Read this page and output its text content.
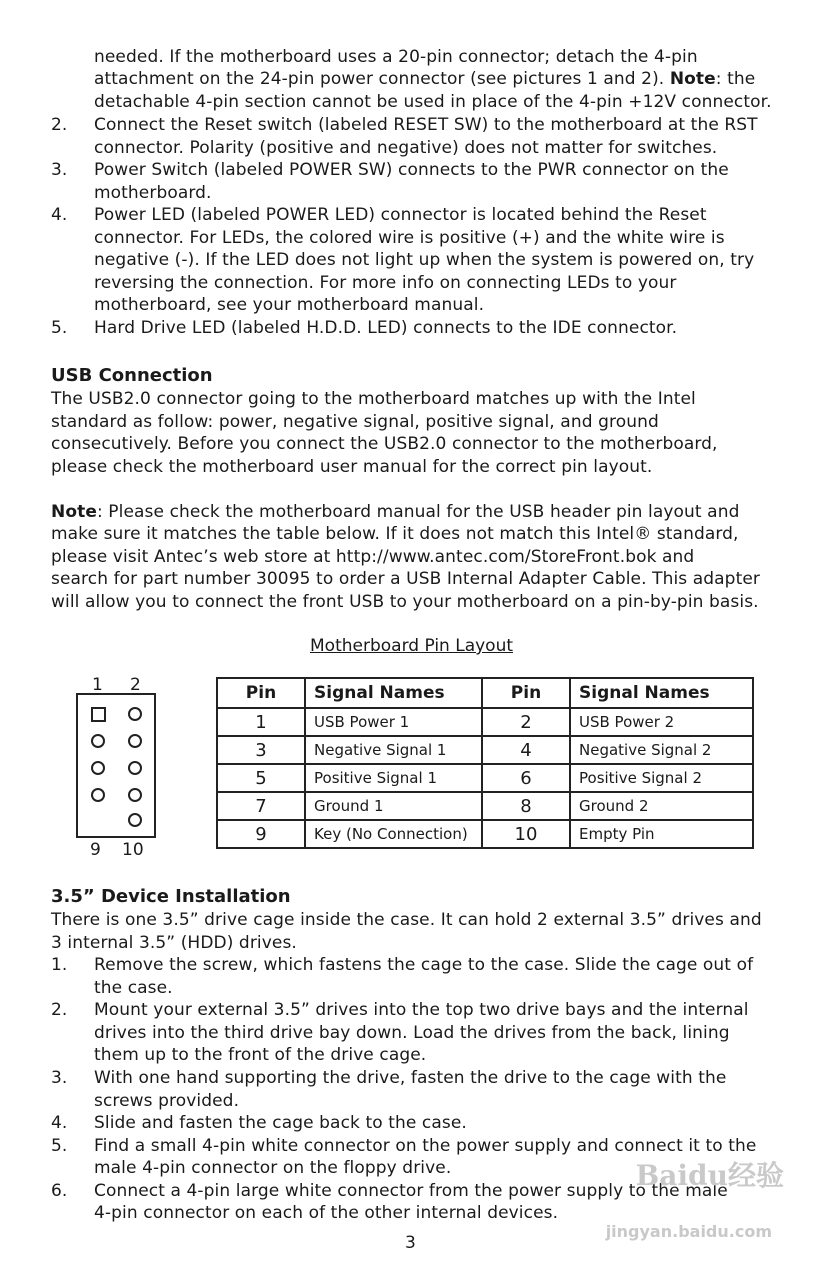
needed. If the motherboard uses a 20-pin connector; detach the 4-pin
attachment on the 24-pin power connector (see pictures 1 and 2). Note: the
detachable 4-pin section cannot be used in place of the 4-pin +12V connector.
2. Connect the Reset switch (labeled RESET SW) to the motherboard at the RST
connector. Polarity (positive and negative) does not matter for switches.
3. Power Switch (labeled POWER SW) connects to the PWR connector on the
motherboard.
4. Power LED (labeled POWER LED) connector is located behind the Reset
connector. For LEDs, the colored wire is positive (+) and the white wire is
negative (-). If the LED does not light up when the system is powered on, try
reversing the connection. For more info on connecting LEDs to your
motherboard, see your motherboard manual.
5. Hard Drive LED (labeled H.D.D. LED) connects to the IDE connector.
USB Connection
The USB2.0 connector going to the motherboard matches up with the Intel
standard as follow: power, negative signal, positive signal, and ground
consecutively. Before you connect the USB2.0 connector to the motherboard,
please check the motherboard user manual for the correct pin layout.
Note: Please check the motherboard manual for the USB header pin layout and
make sure it matches the table below. If it does not match this Intel® standard,
please visit Antec’s web store at http://www.antec.com/StoreFront.bok and
search for part number 30095 to order a USB Internal Adapter Cable. This adapter
will allow you to connect the front USB to your motherboard on a pin-by-pin basis.
Motherboard Pin Layout
1 2
9 10
Pin	Signal Names	Pin	Signal Names
1	USB Power 1	2	USB Power 2
3	Negative Signal 1	4	Negative Signal 2
5	Positive Signal 1	6	Positive Signal 2
7	Ground 1	8	Ground 2
9	Key (No Connection)	10	Empty Pin
3.5” Device Installation
There is one 3.5” drive cage inside the case. It can hold 2 external 3.5” drives and
3 internal 3.5” (HDD) drives.
1. Remove the screw, which fastens the cage to the case. Slide the cage out of
the case.
2. Mount your external 3.5” drives into the top two drive bays and the internal
drives into the third drive bay down. Load the drives from the back, lining
them up to the front of the drive cage.
3. With one hand supporting the drive, fasten the drive to the cage with the
screws provided.
4. Slide and fasten the cage back to the case.
5. Find a small 4-pin white connector on the power supply and connect it to the
male 4-pin connector on the floppy drive.
6. Connect a 4-pin large white connector from the power supply to the male
4-pin connector on each of the other internal devices.
Baidu经验
jingyan.baidu.com
3
